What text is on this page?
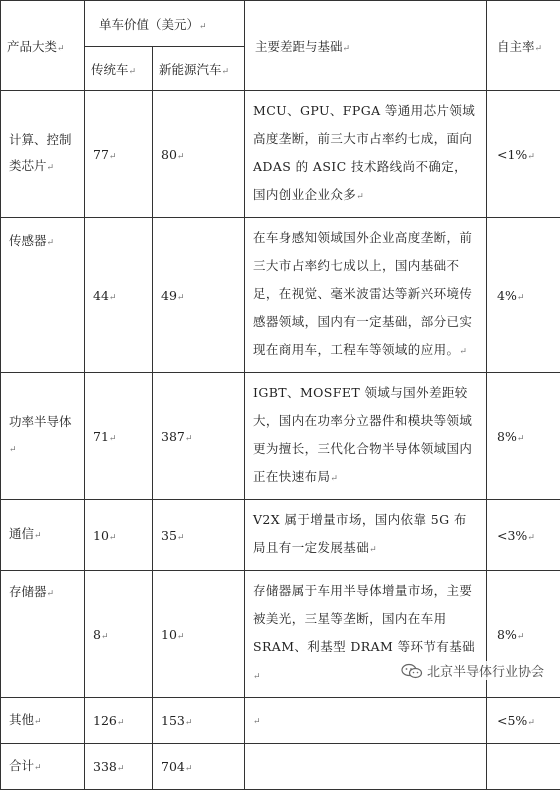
产品大类↵	单车价值（美元）↵		主要差距与基础↵	自主率↵
	传统车↵	新能源汽车↵		
计算、控制类芯片↵	77↵	80↵	MCU、GPU、FPGA 等通用芯片领域高度垄断，前三大市占率约七成，面向 ADAS 的 ASIC 技术路线尚不确定，国内创业企业众多↵	<1%↵
传感器↵	44↵	49↵	在车身感知领域国外企业高度垄断，前三大市占率约七成以上，国内基础不足，在视觉、毫米波雷达等新兴环境传感器领域，国内有一定基础，部分已实现在商用车，工程车等领域的应用。↵	4%↵
功率半导体↵	71↵	387↵	IGBT、MOSFET 领域与国外差距较大，国内在功率分立器件和模块等领域更为擅长，三代化合物半导体领域国内正在快速布局↵	8%↵
通信↵	10↵	35↵	V2X 属于增量市场，国内依靠 5G 布局且有一定发展基础↵	<3%↵
存储器↵	8↵	10↵	存储器属于车用半导体增量市场，主要被美光，三星等垄断，国内在车用 SRAM、利基型 DRAM 等环节有基础↵	8%↵
其他↵	126↵	153↵	↵	<5%↵
合计↵	338↵	704↵		
北京半导体行业协会
